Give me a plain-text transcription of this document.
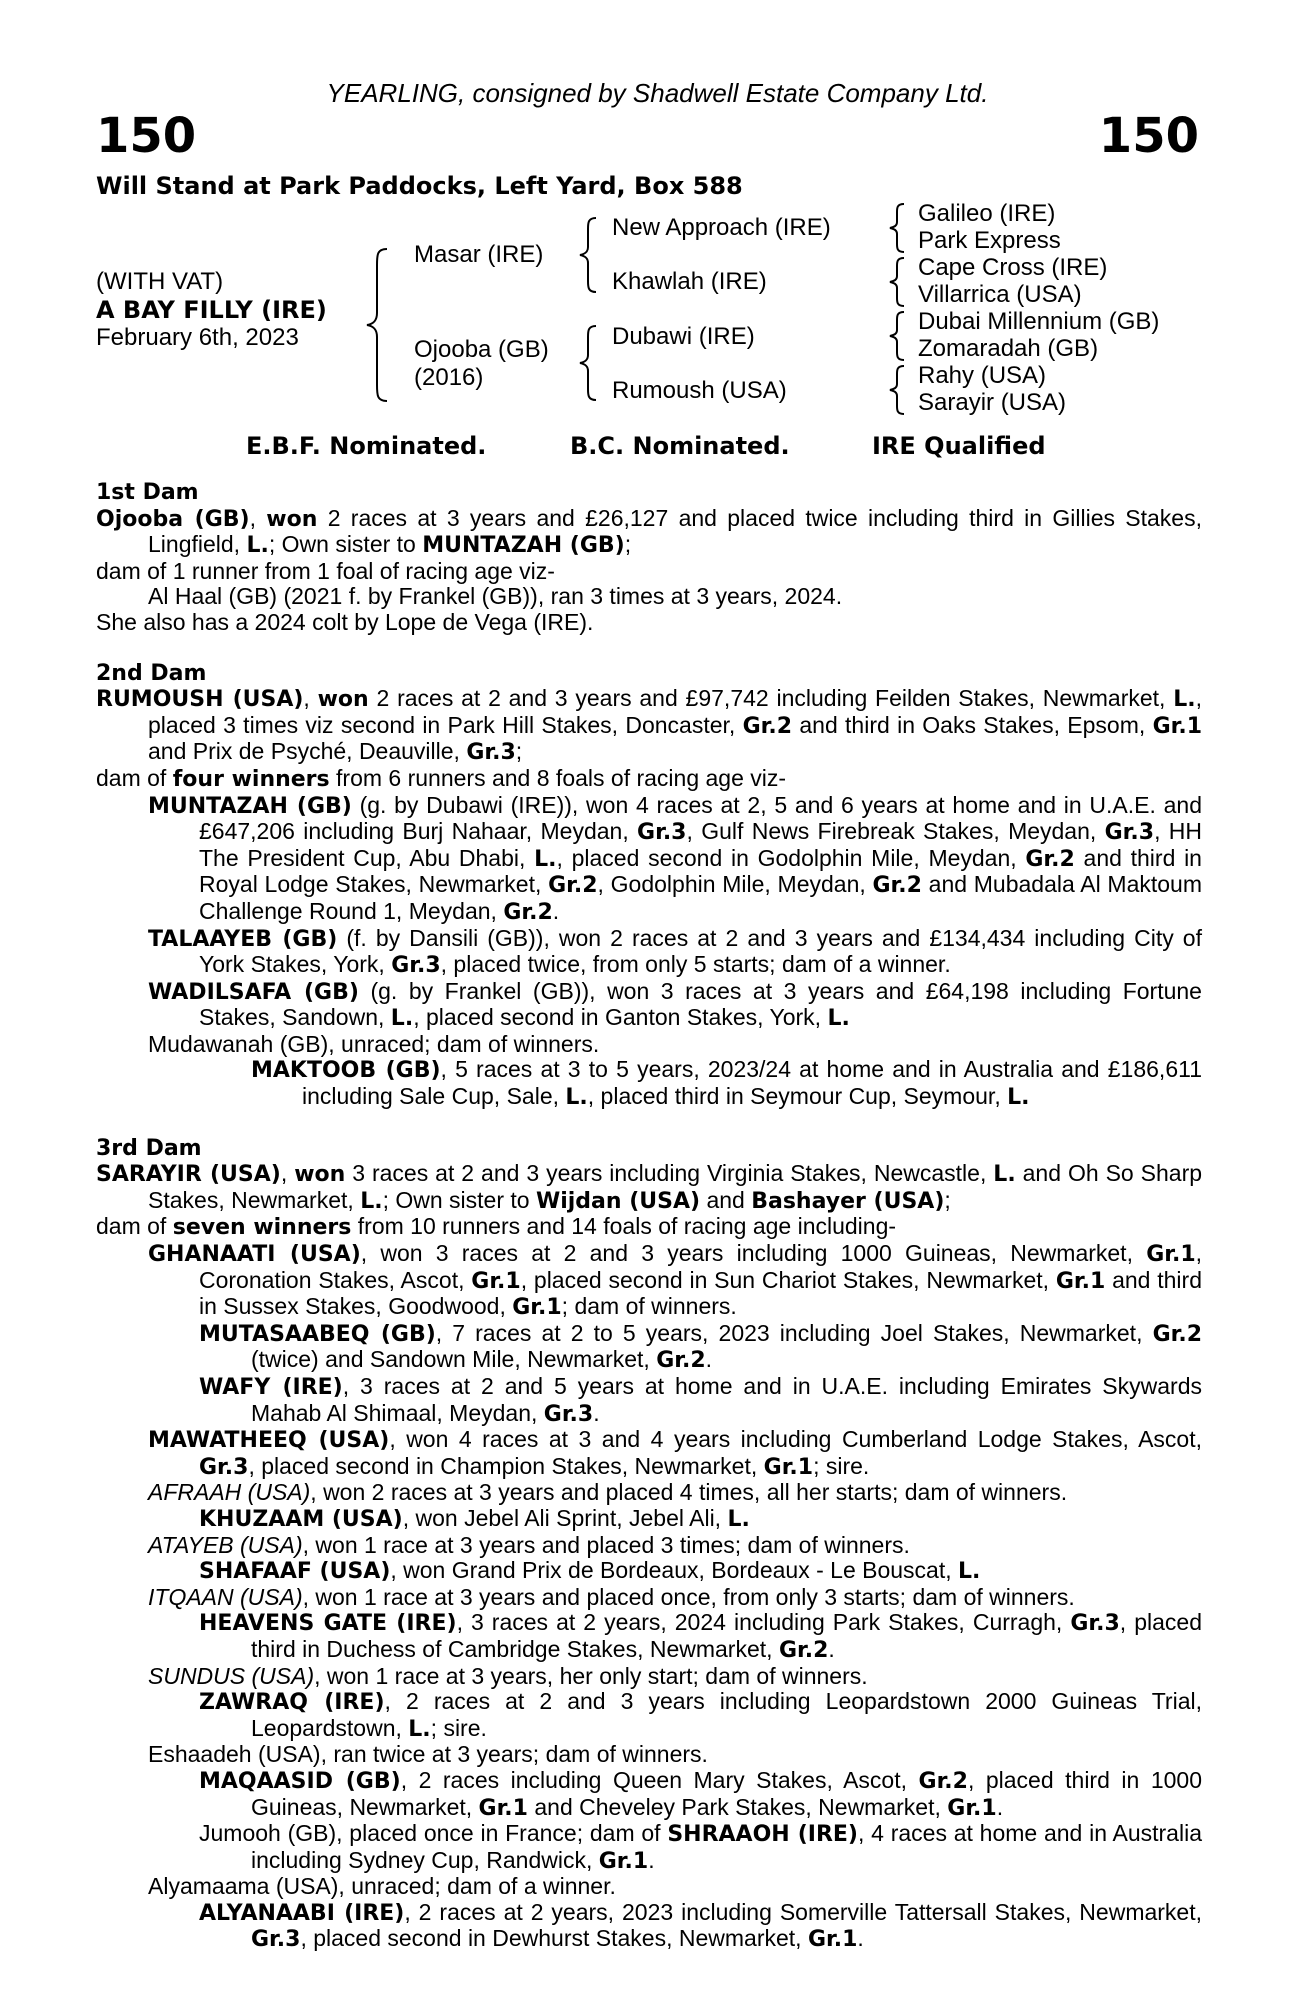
YEARLING, consigned by Shadwell Estate Company Ltd.
150	150
Will Stand at Park Paddocks, Left Yard, Box 588
(WITH VAT)
A BAY FILLY (IRE)
February 6th, 2023
Masar (IRE)
Ojooba (GB)
(2016)
New Approach (IRE)
Khawlah (IRE)
Dubawi (IRE)
Rumoush (USA)
Galileo (IRE)
Park Express
Cape Cross (IRE)
Villarrica (USA)
Dubai Millennium (GB)
Zomaradah (GB)
Rahy (USA)
Sarayir (USA)
E.B.F. Nominated.	B.C. Nominated.	IRE Qualified
1st Dam

Ojooba (GB), won 2 races at 3 years and £26,127 and placed twice including third in Gillies Stakes, Lingfield, L.; Own sister to MUNTAZAH (GB);

dam of 1 runner from 1 foal of racing age viz-

Al Haal (GB) (2021 f. by Frankel (GB)), ran 3 times at 3 years, 2024.

She also has a 2024 colt by Lope de Vega (IRE).

2nd Dam

RUMOUSH (USA), won 2 races at 2 and 3 years and £97,742 including Feilden Stakes, Newmarket, L., placed 3 times viz second in Park Hill Stakes, Doncaster, Gr.2 and third in Oaks Stakes, Epsom, Gr.1 and Prix de Psyché, Deauville, Gr.3;

dam of four winners from 6 runners and 8 foals of racing age viz-

MUNTAZAH (GB) (g. by Dubawi (IRE)), won 4 races at 2, 5 and 6 years at home and in U.A.E. and £647,206 including Burj Nahaar, Meydan, Gr.3, Gulf News Firebreak Stakes, Meydan, Gr.3, HH The President Cup, Abu Dhabi, L., placed second in Godolphin Mile, Meydan, Gr.2 and third in Royal Lodge Stakes, Newmarket, Gr.2, Godolphin Mile, Meydan, Gr.2 and Mubadala Al Maktoum Challenge Round 1, Meydan, Gr.2.

TALAAYEB (GB) (f. by Dansili (GB)), won 2 races at 2 and 3 years and £134,434 including City of York Stakes, York, Gr.3, placed twice, from only 5 starts; dam of a winner.

WADILSAFA (GB) (g. by Frankel (GB)), won 3 races at 3 years and £64,198 including Fortune Stakes, Sandown, L., placed second in Ganton Stakes, York, L.

Mudawanah (GB), unraced; dam of winners.

MAKTOOB (GB), 5 races at 3 to 5 years, 2023/24 at home and in Australia and £186,611 including Sale Cup, Sale, L., placed third in Seymour Cup, Seymour, L.

3rd Dam

SARAYIR (USA), won 3 races at 2 and 3 years including Virginia Stakes, Newcastle, L. and Oh So Sharp Stakes, Newmarket, L.; Own sister to Wijdan (USA) and Bashayer (USA);

dam of seven winners from 10 runners and 14 foals of racing age including-

GHANAATI (USA), won 3 races at 2 and 3 years including 1000 Guineas, Newmarket, Gr.1, Coronation Stakes, Ascot, Gr.1, placed second in Sun Chariot Stakes, Newmarket, Gr.1 and third in Sussex Stakes, Goodwood, Gr.1; dam of winners.

MUTASAABEQ (GB), 7 races at 2 to 5 years, 2023 including Joel Stakes, Newmarket, Gr.2 (twice) and Sandown Mile, Newmarket, Gr.2.

WAFY (IRE), 3 races at 2 and 5 years at home and in U.A.E. including Emirates Skywards Mahab Al Shimaal, Meydan, Gr.3.

MAWATHEEQ (USA), won 4 races at 3 and 4 years including Cumberland Lodge Stakes, Ascot, Gr.3, placed second in Champion Stakes, Newmarket, Gr.1; sire.

AFRAAH (USA), won 2 races at 3 years and placed 4 times, all her starts; dam of winners.

KHUZAAM (USA), won Jebel Ali Sprint, Jebel Ali, L.

ATAYEB (USA), won 1 race at 3 years and placed 3 times; dam of winners.

SHAFAAF (USA), won Grand Prix de Bordeaux, Bordeaux - Le Bouscat, L.

ITQAAN (USA), won 1 race at 3 years and placed once, from only 3 starts; dam of winners.

HEAVENS GATE (IRE), 3 races at 2 years, 2024 including Park Stakes, Curragh, Gr.3, placed third in Duchess of Cambridge Stakes, Newmarket, Gr.2.

SUNDUS (USA), won 1 race at 3 years, her only start; dam of winners.

ZAWRAQ (IRE), 2 races at 2 and 3 years including Leopardstown 2000 Guineas Trial, Leopardstown, L.; sire.

Eshaadeh (USA), ran twice at 3 years; dam of winners.

MAQAASID (GB), 2 races including Queen Mary Stakes, Ascot, Gr.2, placed third in 1000 Guineas, Newmarket, Gr.1 and Cheveley Park Stakes, Newmarket, Gr.1.

Jumooh (GB), placed once in France; dam of SHRAAOH (IRE), 4 races at home and in Australia including Sydney Cup, Randwick, Gr.1.

Alyamaama (USA), unraced; dam of a winner.

ALYANAABI (IRE), 2 races at 2 years, 2023 including Somerville Tattersall Stakes, Newmarket, Gr.3, placed second in Dewhurst Stakes, Newmarket, Gr.1.
